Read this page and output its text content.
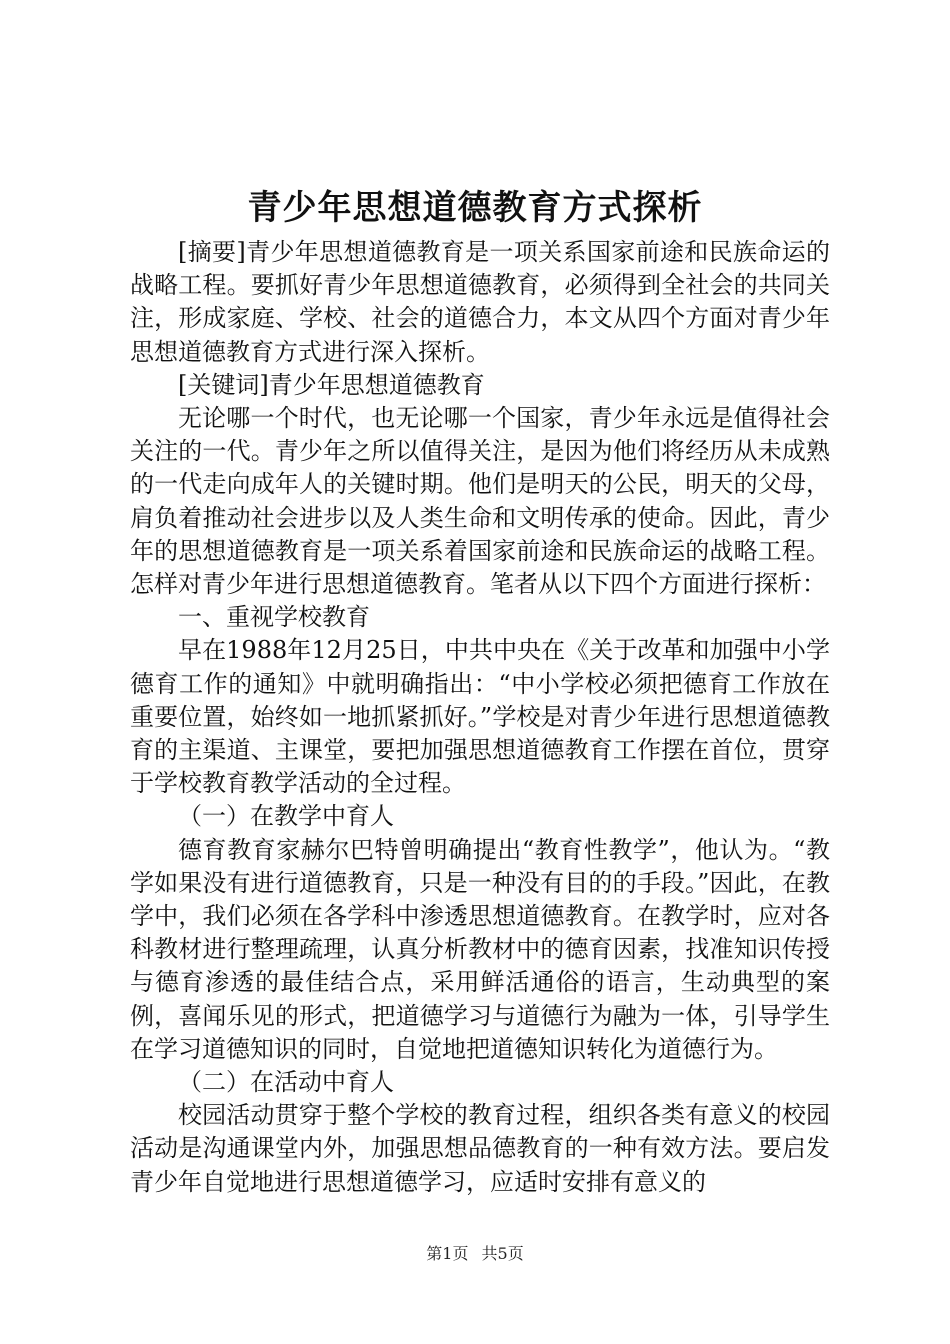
青少年思想道德教育方式探析

[摘要]青少年思想道德教育是一项关系国家前途和民族命运的战略工程。要抓好青少年思想道德教育，必须得到全社会的共同关注，形成家庭、学校、社会的道德合力，本文从四个方面对青少年思想道德教育方式进行深入探析。

[关键词]青少年思想道德教育

无论哪一个时代，也无论哪一个国家，青少年永远是值得社会关注的一代。青少年之所以值得关注，是因为他们将经历从未成熟的一代走向成年人的关键时期。他们是明天的公民，明天的父母，肩负着推动社会进步以及人类生命和文明传承的使命。因此，青少年的思想道德教育是一项关系着国家前途和民族命运的战略工程。怎样对青少年进行思想道德教育。笔者从以下四个方面进行探析：

一、重视学校教育

早在1988年12月25日，中共中央在《关于改革和加强中小学德育工作的通知》中就明确指出：“中小学校必须把德育工作放在重要位置，始终如一地抓紧抓好。”学校是对青少年进行思想道德教育的主渠道、主课堂，要把加强思想道德教育工作摆在首位，贯穿于学校教育教学活动的全过程。

（一）在教学中育人

德育教育家赫尔巴特曾明确提出“教育性教学”，他认为。“教学如果没有进行道德教育，只是一种没有目的的手段。”因此，在教学中，我们必须在各学科中渗透思想道德教育。在教学时，应对各科教材进行整理疏理，认真分析教材中的德育因素，找准知识传授与德育渗透的最佳结合点，采用鲜活通俗的语言，生动典型的案例，喜闻乐见的形式，把道德学习与道德行为融为一体，引导学生在学习道德知识的同时，自觉地把道德知识转化为道德行为。

（二）在活动中育人

校园活动贯穿于整个学校的教育过程，组织各类有意义的校园活动是沟通课堂内外，加强思想品德教育的一种有效方法。要启发青少年自觉地进行思想道德学习，应适时安排有意义的

第1页 共5页
